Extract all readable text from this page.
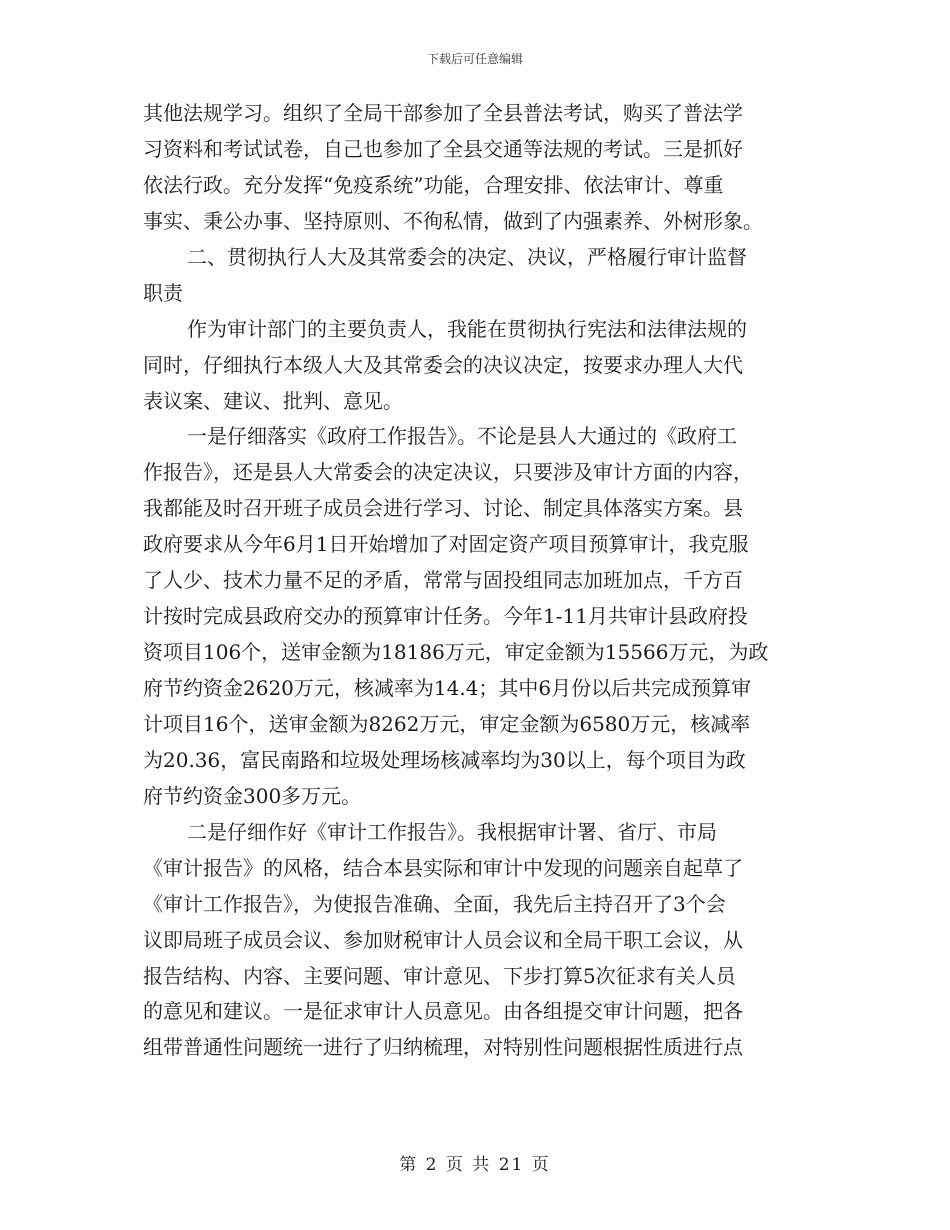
下载后可任意编辑
其他法规学习。组织了全局干部参加了全县普法考试，购买了普法学
习资料和考试试卷，自己也参加了全县交通等法规的考试。三是抓好
依法行政。充分发挥“免疫系统”功能，合理安排、依法审计、尊重
事实、秉公办事、坚持原则、不徇私情，做到了内强素养、外树形象。
二、贯彻执行人大及其常委会的决定、决议，严格履行审计监督
职责
作为审计部门的主要负责人，我能在贯彻执行宪法和法律法规的
同时，仔细执行本级人大及其常委会的决议决定，按要求办理人大代
表议案、建议、批判、意见。
一是仔细落实《政府工作报告》。不论是县人大通过的《政府工
作报告》，还是县人大常委会的决定决议，只要涉及审计方面的内容，
我都能及时召开班子成员会进行学习、讨论、制定具体落实方案。县
政府要求从今年6月1日开始增加了对固定资产项目预算审计，我克服
了人少、技术力量不足的矛盾，常常与固投组同志加班加点，千方百
计按时完成县政府交办的预算审计任务。今年1-11月共审计县政府投
资项目106个，送审金额为18186万元，审定金额为15566万元，为政
府节约资金2620万元，核减率为14.4；其中6月份以后共完成预算审
计项目16个，送审金额为8262万元，审定金额为6580万元，核减率
为20.36，富民南路和垃圾处理场核减率均为30以上，每个项目为政
府节约资金300多万元。
二是仔细作好《审计工作报告》。我根据审计署、省厅、市局
《审计报告》的风格，结合本县实际和审计中发现的问题亲自起草了
《审计工作报告》，为使报告准确、全面，我先后主持召开了3个会
议即局班子成员会议、参加财税审计人员会议和全局干职工会议，从
报告结构、内容、主要问题、审计意见、下步打算5次征求有关人员
的意见和建议。一是征求审计人员意见。由各组提交审计问题，把各
组带普通性问题统一进行了归纳梳理，对特别性问题根据性质进行点
第 2 页 共 21 页
